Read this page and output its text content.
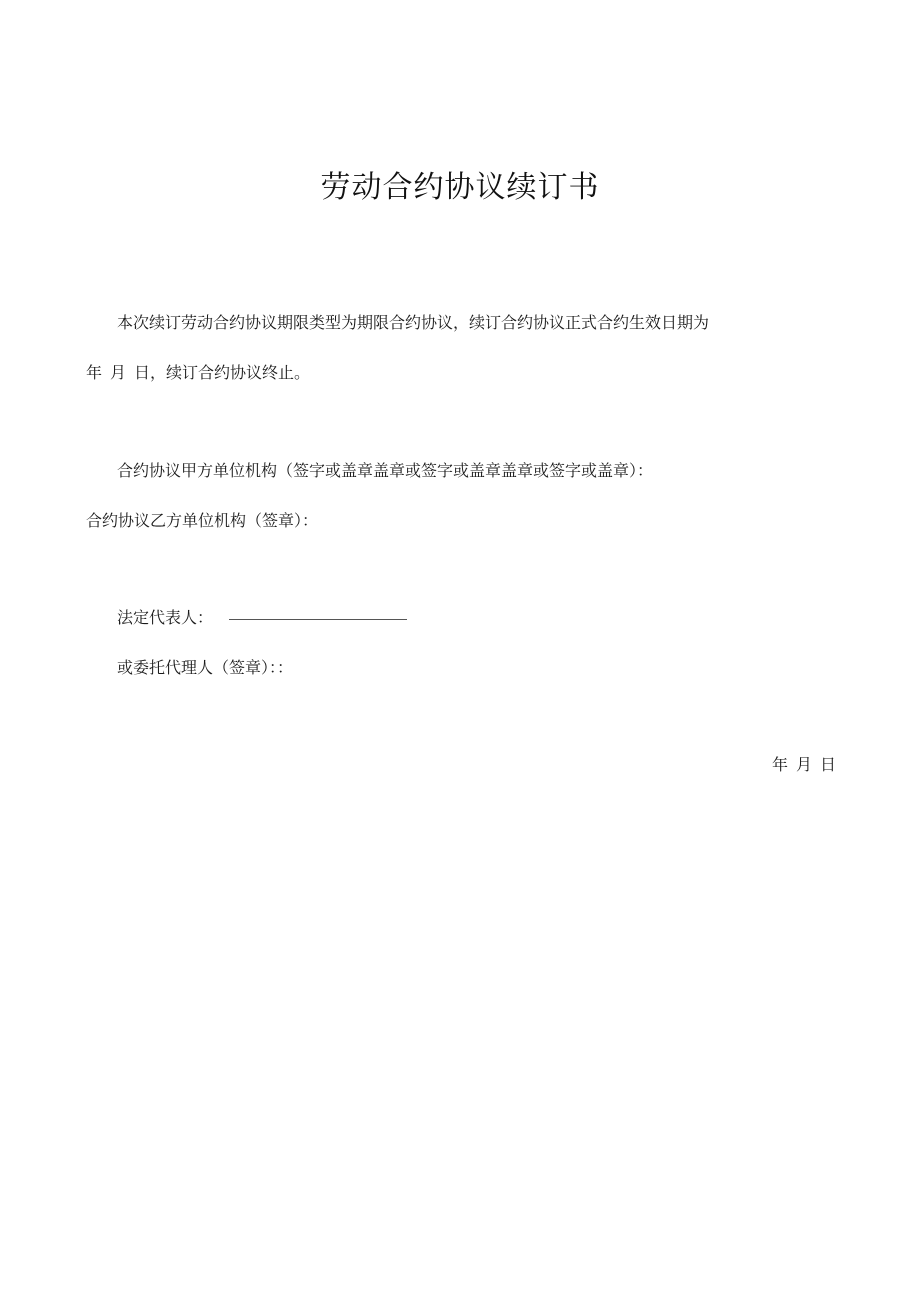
劳动合约协议续订书
本次续订劳动合约协议期限类型为期限合约协议，续订合约协议正式合约生效日期为
年 月 日，续订合约协议终止。
合约协议甲方单位机构（签字或盖章盖章或签字或盖章盖章或签字或盖章）：
合约协议乙方单位机构（签章）：
法定代表人：
或委托代理人（签章）：：
年 月 日
